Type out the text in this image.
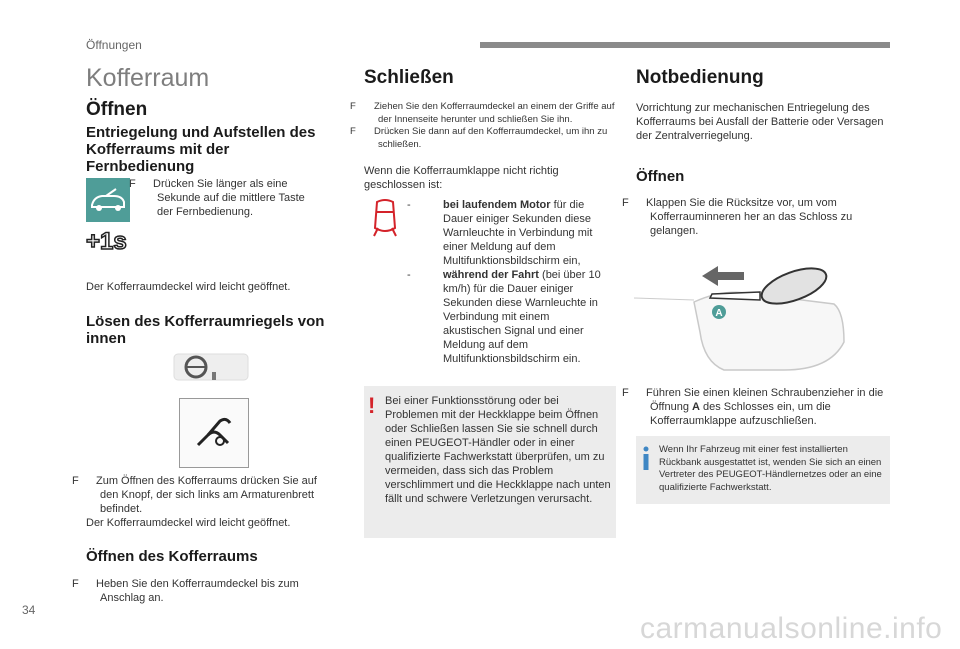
Öffnungen
Kofferraum
Öffnen
Entriegelung und Aufstellen des Kofferraums mit der Fernbedienung
F Drücken Sie länger als eine Sekunde auf die mittlere Taste der Fernbedienung.
+1s
Der Kofferraumdeckel wird leicht geöffnet.
Lösen des Kofferraumriegels von innen
F Zum Öffnen des Kofferraums drücken Sie auf den Knopf, der sich links am Armaturenbrett befindet.
Der Kofferraumdeckel wird leicht geöffnet.
Öffnen des Kofferraums
F Heben Sie den Kofferraumdeckel bis zum Anschlag an.
Schließen
F Ziehen Sie den Kofferraumdeckel an einem der Griffe auf der Innenseite herunter und schließen Sie ihn.
F Drücken Sie dann auf den Kofferraumdeckel, um ihn zu schließen.
Wenn die Kofferraumklappe nicht richtig geschlossen ist:
-	bei laufendem Motor für die Dauer einiger Sekunden diese Warnleuchte in Verbindung mit einer Meldung auf dem Multifunktionsbildschirm ein,
-	während der Fahrt (bei über 10 km/h) für die Dauer einiger Sekunden diese Warnleuchte in Verbindung mit einem akustischen Signal und einer Meldung auf dem Multifunktionsbildschirm ein.
! Bei einer Funktionsstörung oder bei Problemen mit der Heckklappe beim Öffnen oder Schließen lassen Sie sie schnell durch einen PEUGEOT-Händler oder in einer qualifizierte Fachwerkstatt überprüfen, um zu vermeiden, dass sich das Problem verschlimmert und die Heckklappe nach unten fällt und schwere Verletzungen verursacht.
Notbedienung
Vorrichtung zur mechanischen Entriegelung des Kofferraums bei Ausfall der Batterie oder Versagen der Zentralverriegelung.
Öffnen
F Klappen Sie die Rücksitze vor, um vom Kofferrauminneren her an das Schloss zu gelangen.
A
F Führen Sie einen kleinen Schraubenzieher in die Öffnung A des Schlosses ein, um die Kofferraumklappe aufzuschließen.
Wenn Ihr Fahrzeug mit einer fest installierten Rückbank ausgestattet ist, wenden Sie sich an einen Vertreter des PEUGEOT-Händlernetzes oder an eine qualifizierte Fachwerkstatt.
34
carmanualsonline.info
